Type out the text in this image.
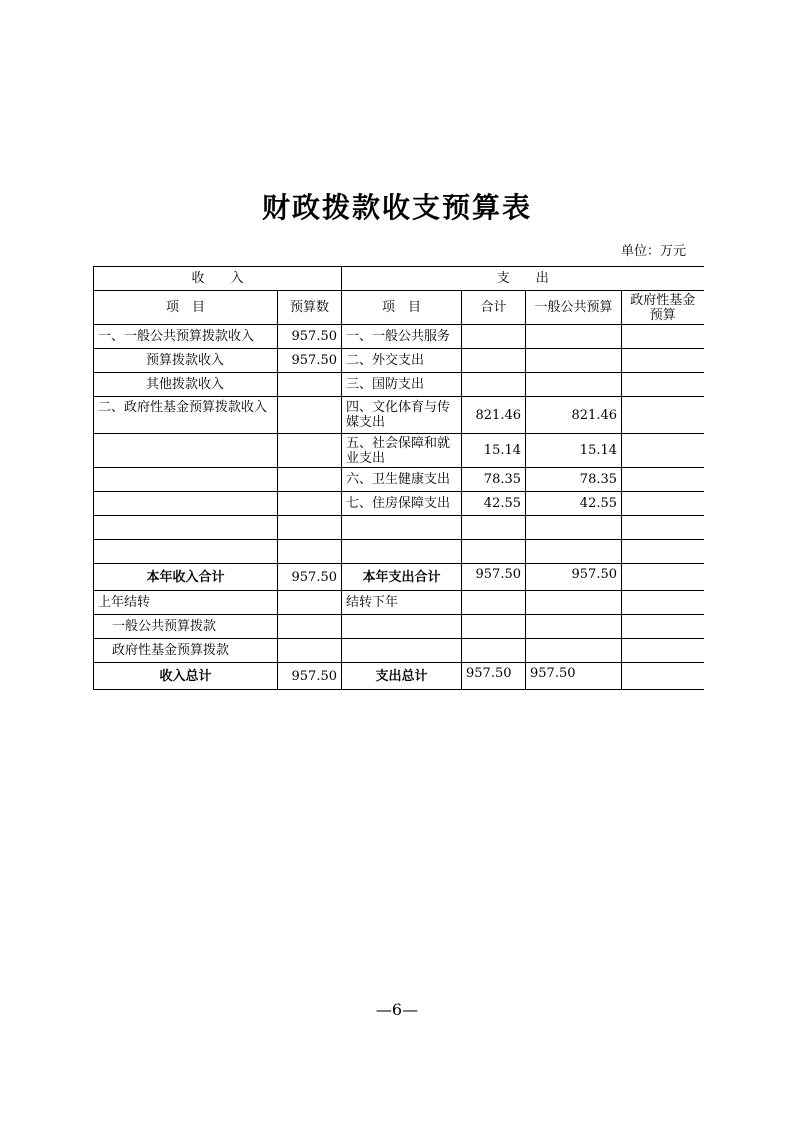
财政拨款收支预算表
单位：万元
收　　入		支　　出			
项　目	预算数	项　目	合计	一般公共预算	政府性基金预算
一、一般公共预算拨款收入	957.50	一、一般公共服务			
预算拨款收入	957.50	二、外交支出			
其他拨款收入		三、国防支出			
二、政府性基金预算拨款收入		四、文化体育与传媒支出	821.46	821.46	
		五、社会保障和就业支出	15.14	15.14	
		六、卫生健康支出	78.35	78.35	
		七、住房保障支出	42.55	42.55	

本年收入合计	957.50	本年支出合计	957.50	957.50	
上年结转		结转下年			
一般公共预算拨款					
政府性基金预算拨款					
收入总计	957.50	支出总计	957.50	957.50	
—6—
